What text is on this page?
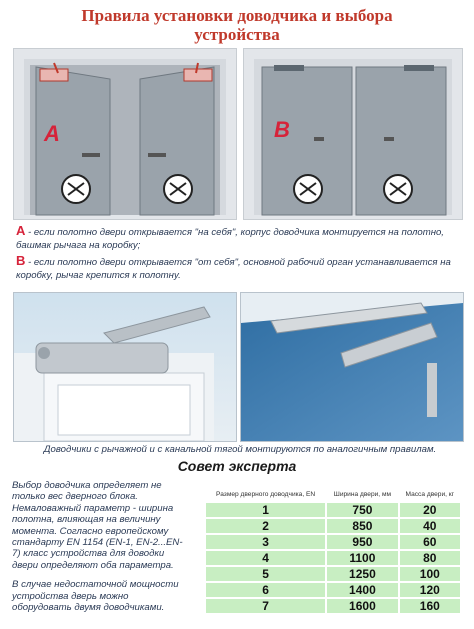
Правила установки доводчика и выбора
устройства
A	B
A - если полотно двери открывается "на себя", корпус доводчика монтируется на полотно, башмак рычага на коробку;
B - если полотно двери открывается "от себя", основной рабочий орган устанавливается на коробку, рычаг крепится к полотну.
Доводчики с рычажной и с канальной тягой монтируются по аналогичным правилам.
Совет эксперта

Выбор доводчика определяет не только вес дверного блока. Немаловажный параметр - ширина полотна, влияющая на величину момента. Согласно европейскому стандарту EN 1154 (EN-1, EN-2...EN-7) класс устройства для доводки двери определяют оба параметра.

В случае недостаточной мощности устройства дверь можно оборудовать двумя доводчиками.

Размер дверного доводчика, EN	Ширина двери, мм	Масса двери, кг
1	750	20
2	850	40
3	950	60
4	1100	80
5	1250	100
6	1400	120
7	1600	160
